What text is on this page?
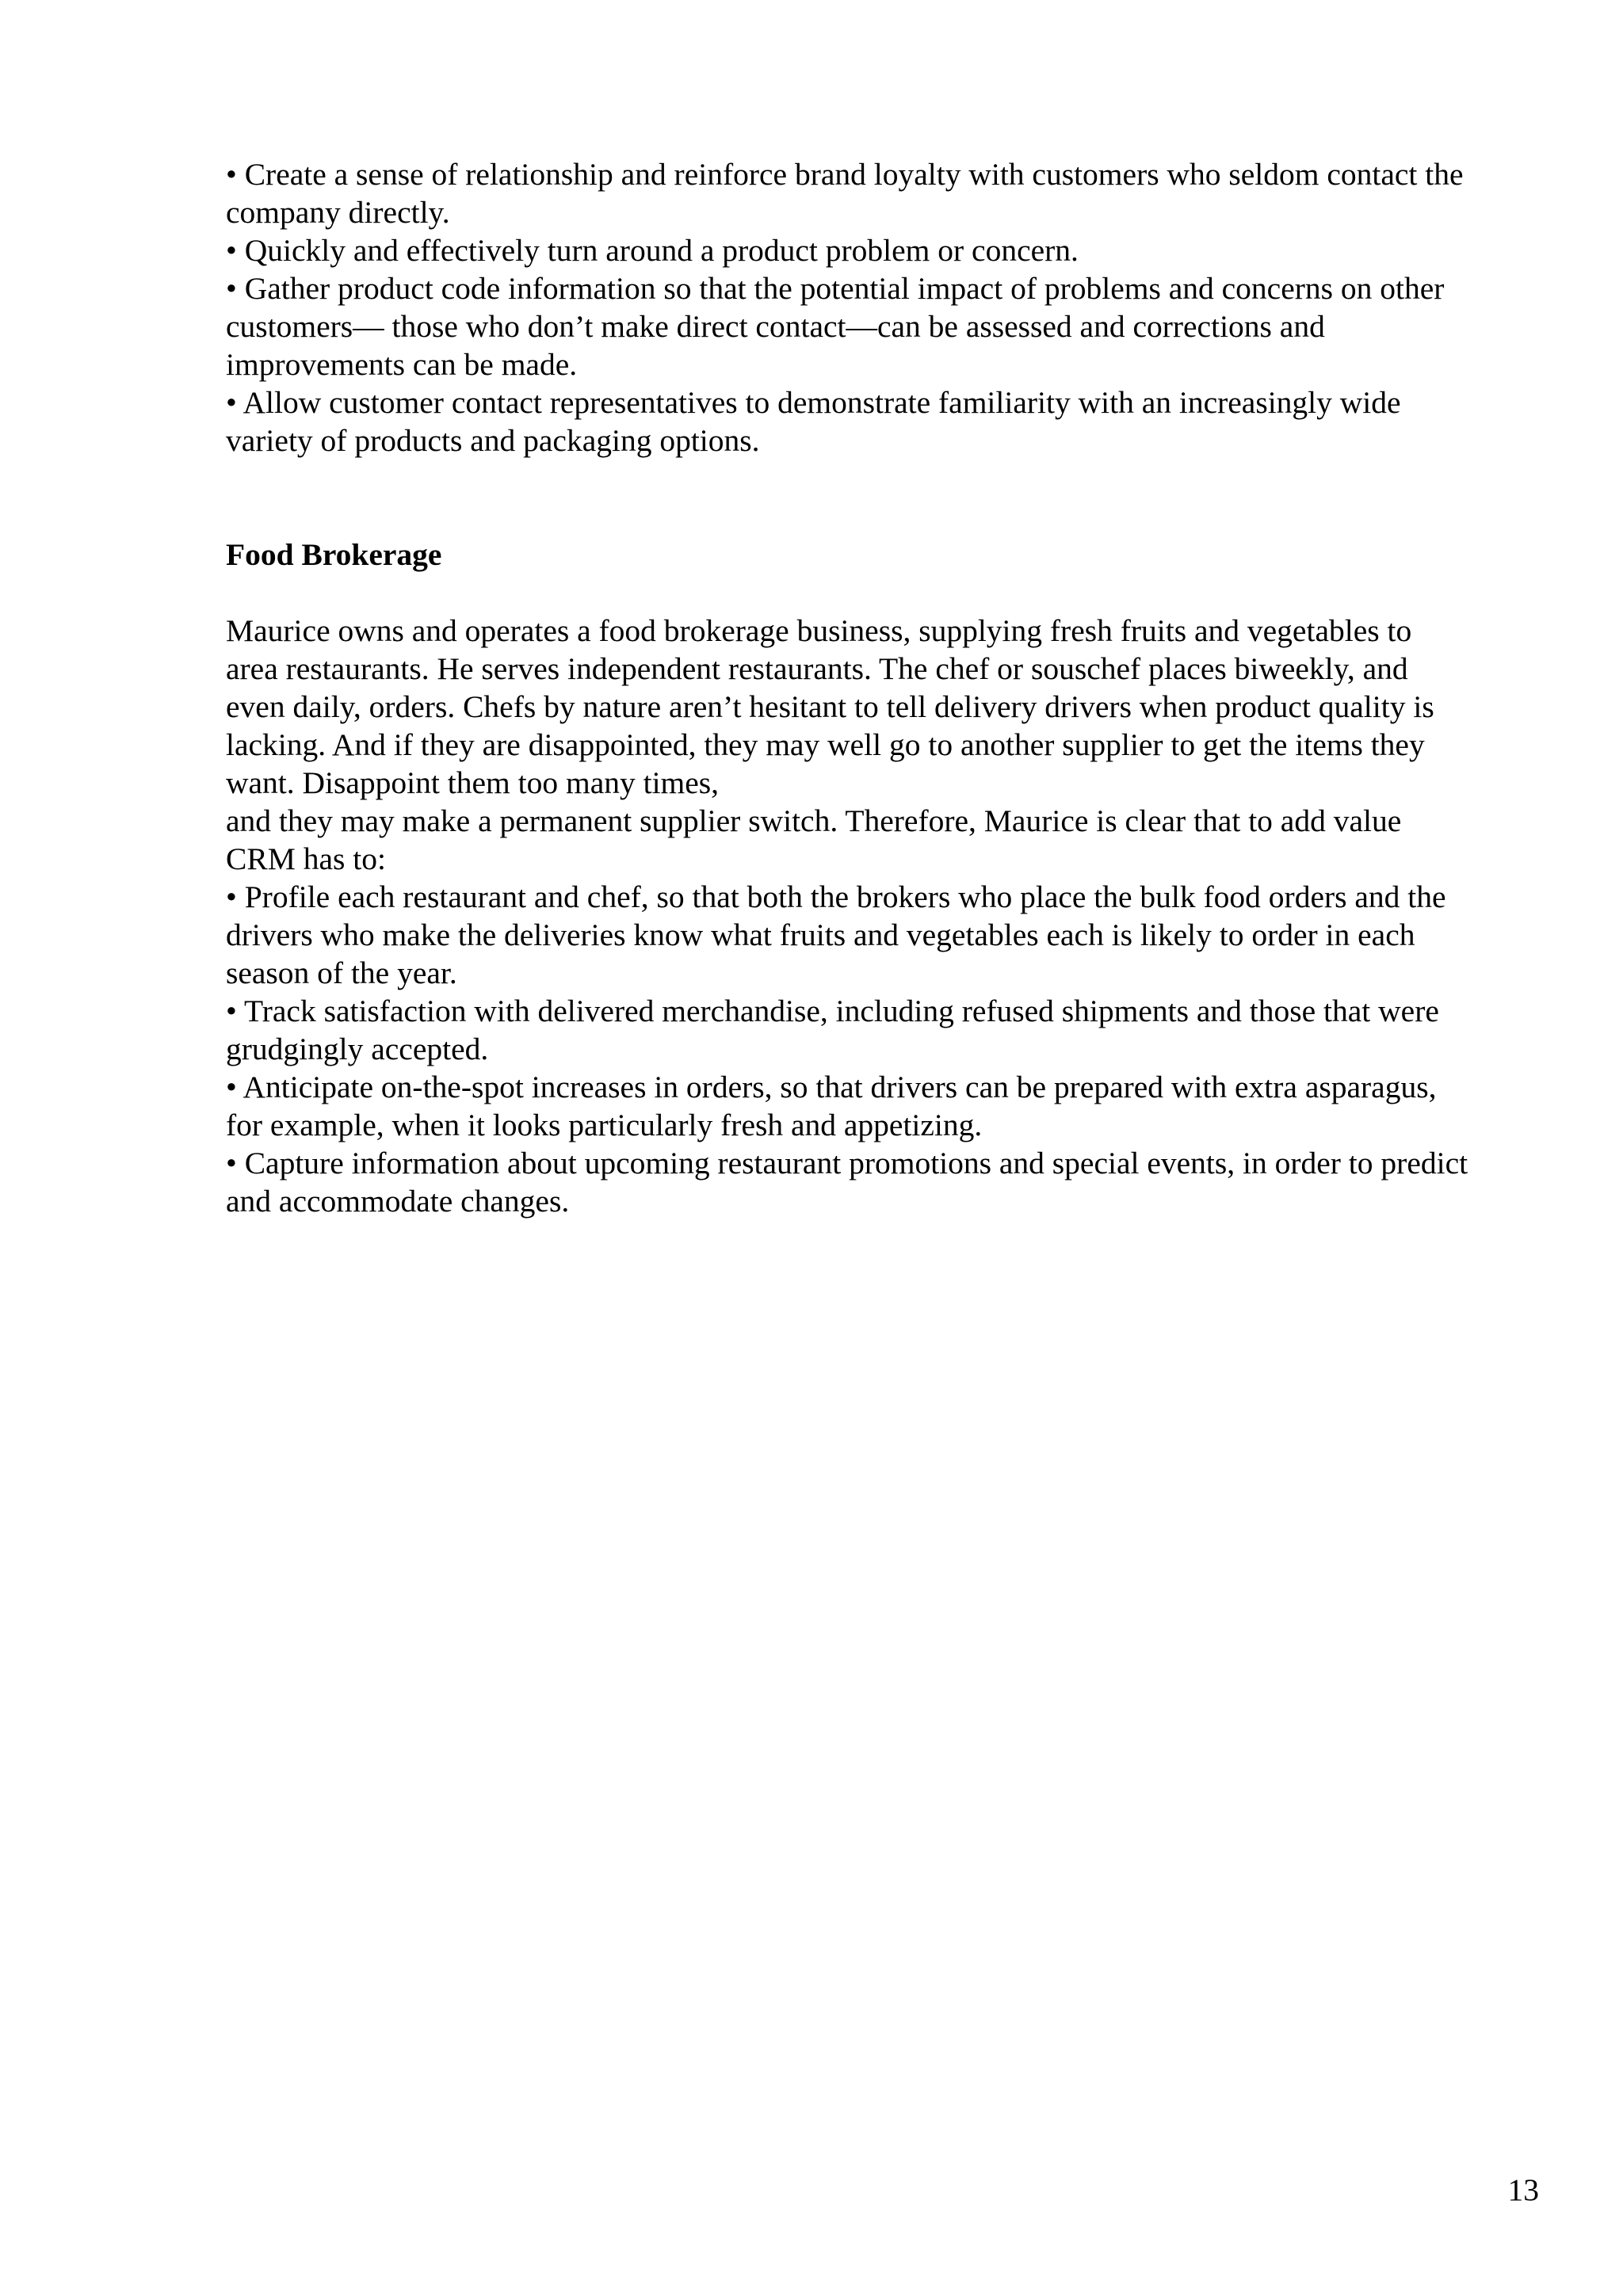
• Create a sense of relationship and reinforce brand loyalty with customers who seldom contact the
company directly.
• Quickly and effectively turn around a product problem or concern.
• Gather product code information so that the potential impact of problems and concerns on other
customers— those who don’t make direct contact—can be assessed and corrections and
improvements can be made.
• Allow customer contact representatives to demonstrate familiarity with an increasingly wide
variety of products and packaging options.
Food Brokerage
Maurice owns and operates a food brokerage business, supplying fresh fruits and vegetables to
area restaurants. He serves independent restaurants. The chef or souschef places biweekly, and
even daily, orders. Chefs by nature aren’t hesitant to tell delivery drivers when product quality is
lacking. And if they are disappointed, they may well go to another supplier to get the items they
want. Disappoint them too many times,
and they may make a permanent supplier switch. Therefore, Maurice is clear that to add value
CRM has to:
• Profile each restaurant and chef, so that both the brokers who place the bulk food orders and the
drivers who make the deliveries know what fruits and vegetables each is likely to order in each
season of the year.
• Track satisfaction with delivered merchandise, including refused shipments and those that were
grudgingly accepted.
• Anticipate on-the-spot increases in orders, so that drivers can be prepared with extra asparagus,
for example, when it looks particularly fresh and appetizing.
• Capture information about upcoming restaurant promotions and special events, in order to predict
and accommodate changes.
13
